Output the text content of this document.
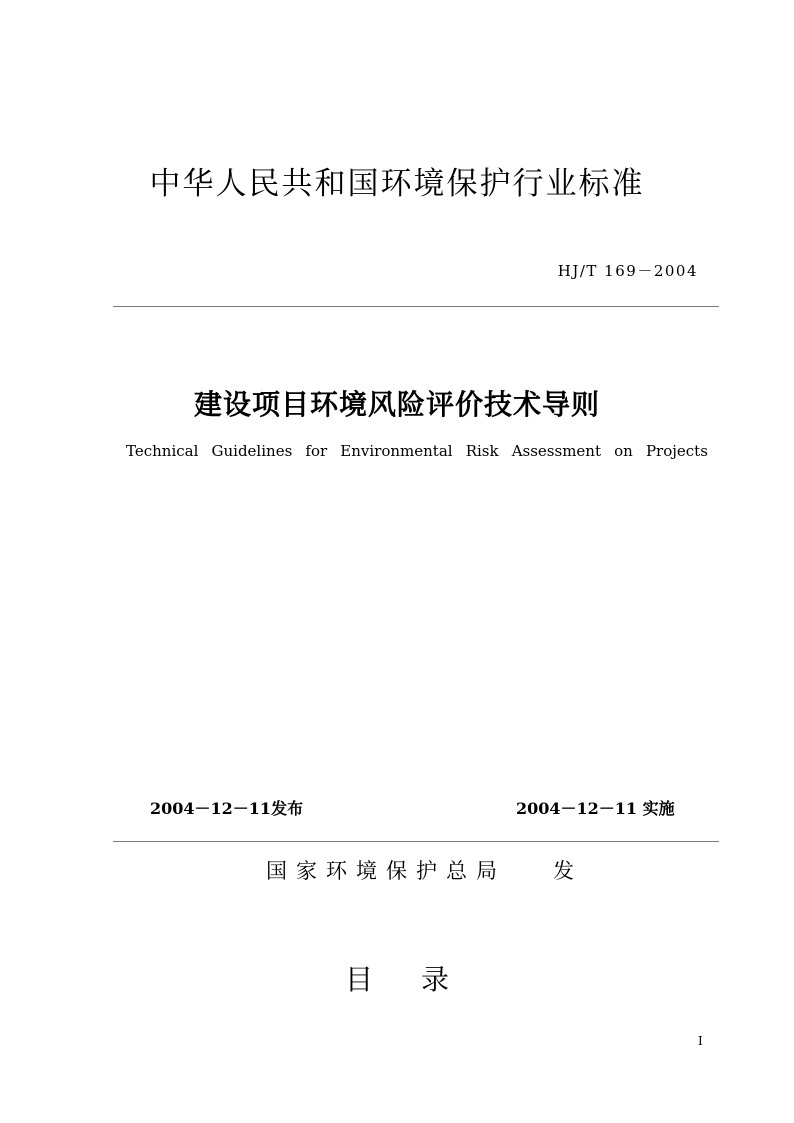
中华人民共和国环境保护行业标准
HJ/T 169－2004
建设项目环境风险评价技术导则
Technical Guidelines for Environmental Risk Assessment on Projects
2004－12－11发布	2004－12－11 实施
国家环境保护总局   发
目 录
I
